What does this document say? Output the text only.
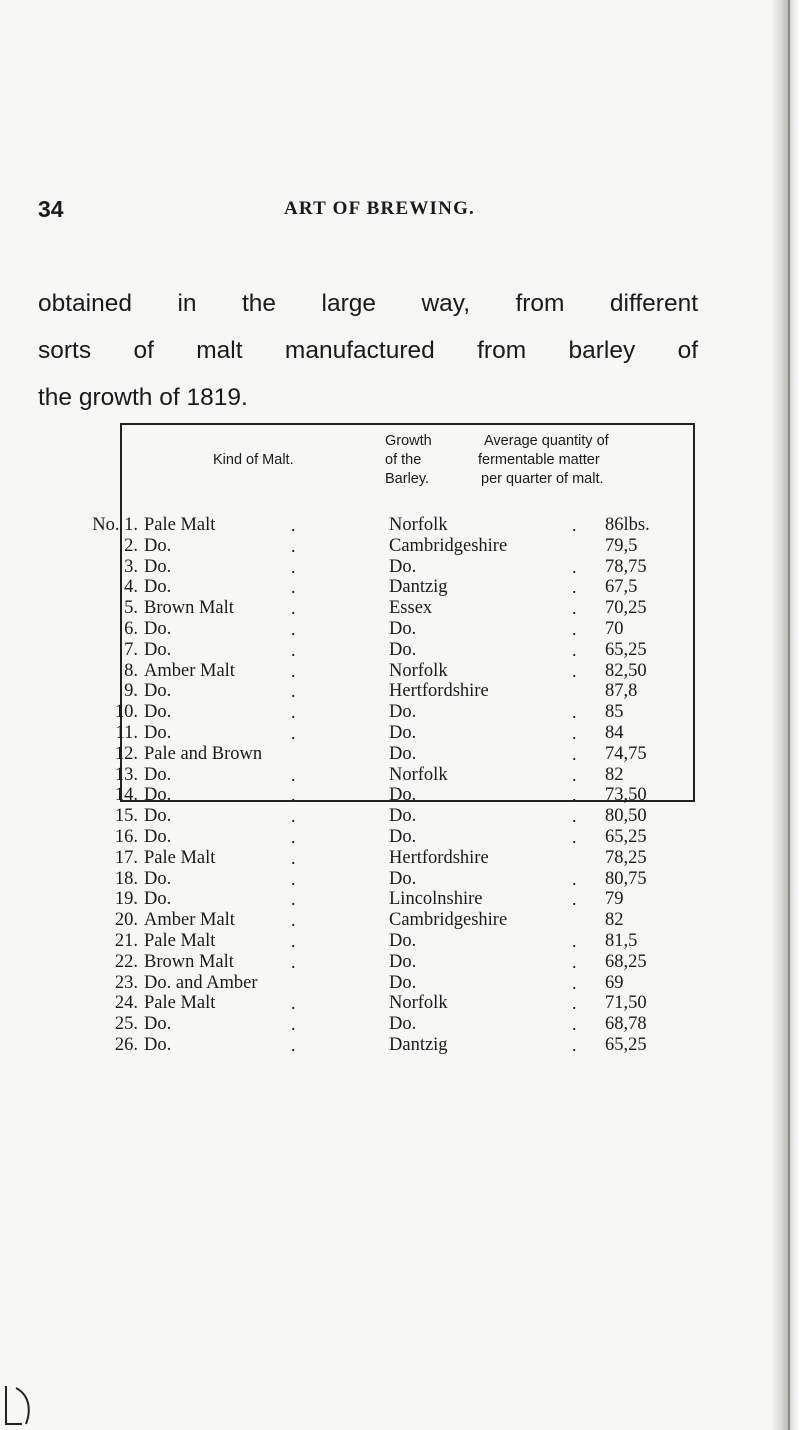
34	ART OF BREWING.
obtained in the large way, from different
sorts of malt manufactured from barley of
the growth of 1819.
Kind of Malt.
Growth
of the
Barley.
Average quantity of
fermentable matter
per quarter of malt.
No. 1. Pale Malt	.	Norfolk	. 86lbs.
2. Do.	.	Cambridgeshire	79,5
3. Do.	.	Do.	. 78,75
4. Do.	.	Dantzig	. 67,5
5. Brown Malt	.	Essex	. 70,25
6. Do.	.	Do.	. 70
7. Do.	.	Do.	. 65,25
8. Amber Malt	.	Norfolk	. 82,50
9. Do.	.	Hertfordshire	87,8
10. Do.	.	Do.	. 85
11. Do.	.	Do.	. 84
12. Pale and Brown	Do.	. 74,75
13. Do.	.	Norfolk	. 82
14. Do.	.	Do.	. 73,50
15. Do.	.	Do.	. 80,50
16. Do.	.	Do.	. 65,25
17. Pale Malt	.	Hertfordshire	78,25
18. Do.	.	Do.	. 80,75
19. Do.	.	Lincolnshire	. 79
20. Amber Malt	.	Cambridgeshire	82
21. Pale Malt	.	Do.	. 81,5
22. Brown Malt	.	Do.	. 68,25
23. Do. and Amber	Do.	. 69
24. Pale Malt	.	Norfolk	. 71,50
25. Do.	.	Do.	. 68,78
26. Do.	.	Dantzig	. 65,25
